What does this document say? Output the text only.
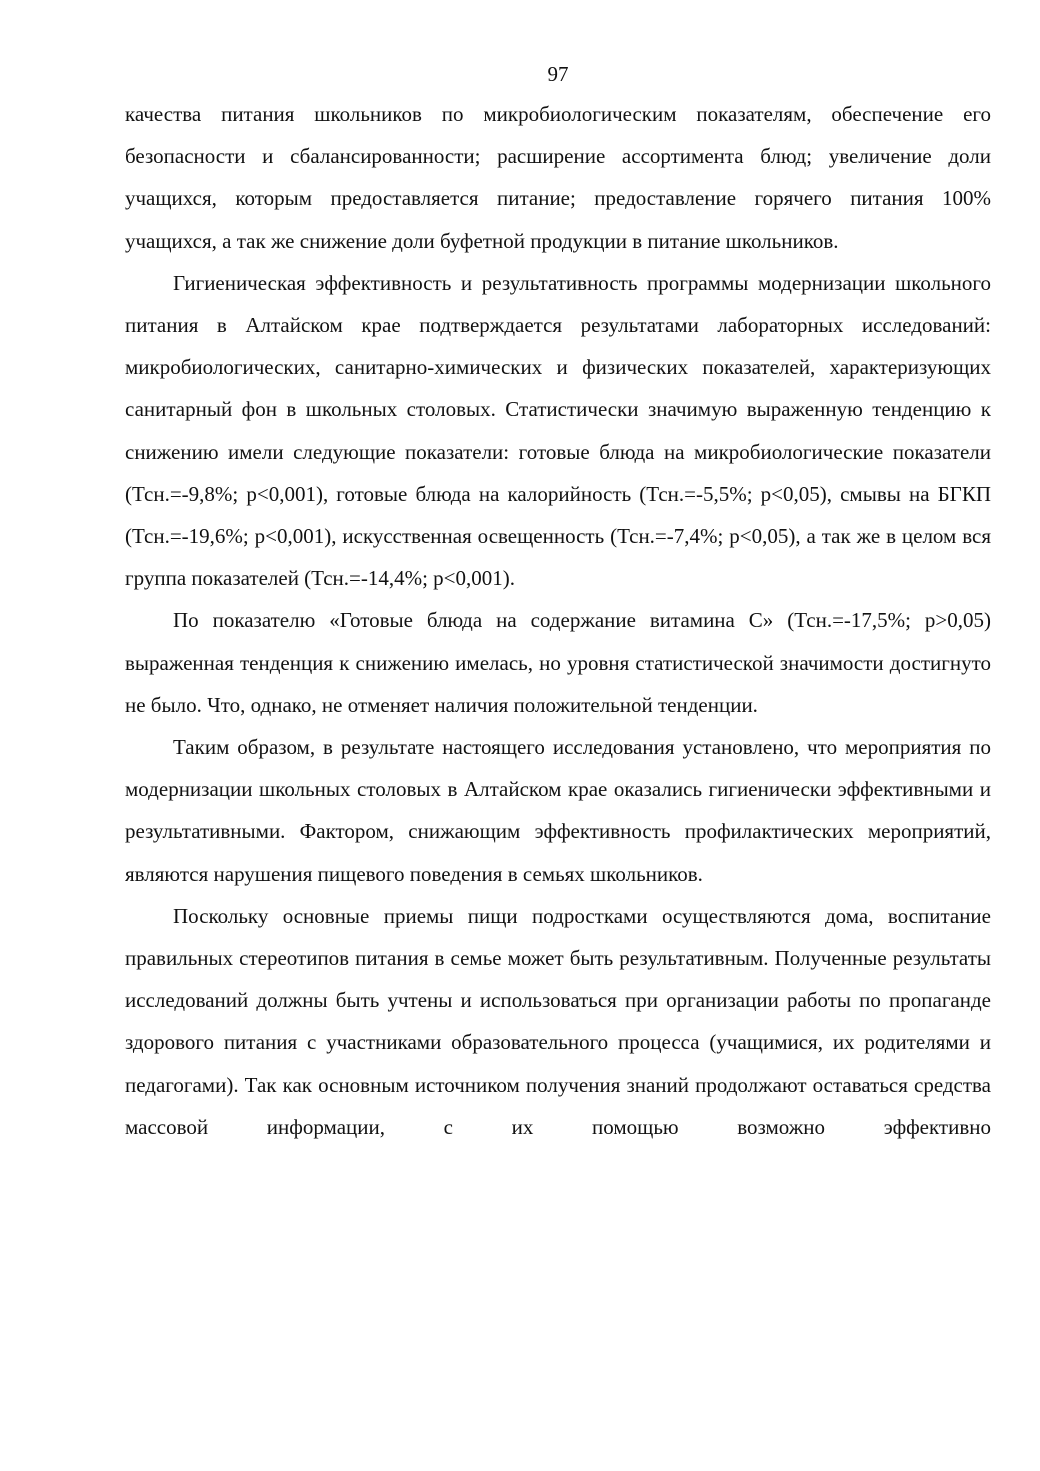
97

качества питания школьников по микробиологическим показателям, обеспечение его безопасности и сбалансированности; расширение ассортимента блюд; увеличение доли учащихся, которым предоставляется питание; предоставление горячего питания 100% учащихся, а так же снижение доли буфетной продукции в питание школьников.

Гигиеническая эффективность и результативность программы модернизации школьного питания в Алтайском крае подтверждается результатами лабораторных исследований: микробиологических, санитарно-химических и физических показателей, характеризующих санитарный фон в школьных столовых. Статистически значимую выраженную тенденцию к снижению имели следующие показатели: готовые блюда на микробиологические показатели (Тсн.=-9,8%; p<0,001), готовые блюда на калорийность (Тсн.=-5,5%; p<0,05), смывы на БГКП (Тсн.=-19,6%; p<0,001), искусственная освещенность (Тсн.=-7,4%; p<0,05), а так же в целом вся группа показателей (Тсн.=-14,4%; p<0,001).

По показателю «Готовые блюда на содержание витамина С» (Тсн.=-17,5%; p>0,05) выраженная тенденция к снижению имелась, но уровня статистической значимости достигнуто не было. Что, однако, не отменяет наличия положительной тенденции.

Таким образом, в результате настоящего исследования установлено, что мероприятия по модернизации школьных столовых в Алтайском крае оказались гигиенически эффективными и результативными. Фактором, снижающим эффективность профилактических мероприятий, являются нарушения пищевого поведения в семьях школьников.

Поскольку основные приемы пищи подростками осуществляются дома, воспитание правильных стереотипов питания в семье может быть результативным. Полученные результаты исследований должны быть учтены и использоваться при организации работы по пропаганде здорового питания с участниками образовательного процесса (учащимися, их родителями и педагогами). Так как основным источником получения знаний продолжают оставаться средства массовой информации, с их помощью возможно эффективно
